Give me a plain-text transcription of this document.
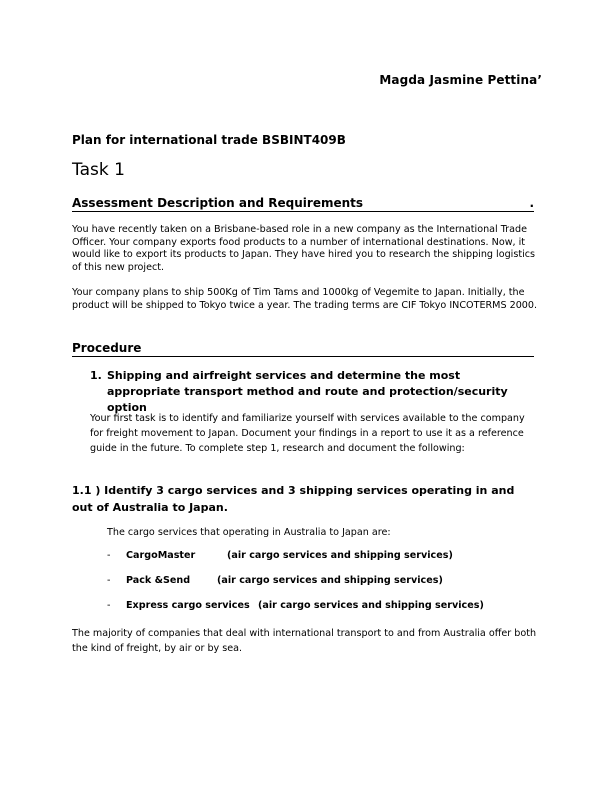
Magda Jasmine Pettina’

Plan for international trade BSBINT409B

Task 1
Assessment Description and Requirements	.

You have recently taken on a Brisbane-based role in a new company as the International Trade Officer. Your company exports food products to a number of international destinations. Now, it would like to export its products to Japan. They have hired you to research the shipping logistics of this new project.

Your company plans to ship 500Kg of Tim Tams and 1000kg of Vegemite to Japan. Initially, the product will be shipped to Tokyo twice a year. The trading terms are CIF Tokyo INCOTERMS 2000.

Procedure
1. Shipping and airfreight services and determine the most appropriate transport method and route and protection/security option

Your first task is to identify and familiarize yourself with services available to the company for freight movement to Japan. Document your findings in a report to use it as a reference guide in the future. To complete step 1, research and document the following:

1.1 ) Identify 3 cargo services and 3 shipping services operating in and out of Australia to Japan.

The cargo services that operating in Australia to Japan are:

- CargoMaster	(air cargo services and shipping services)
- Pack &Send	(air cargo services and shipping services)
- Express cargo services (air cargo services and shipping services)

The majority of companies that deal with international transport to and from Australia offer both the kind of freight, by air or by sea.
